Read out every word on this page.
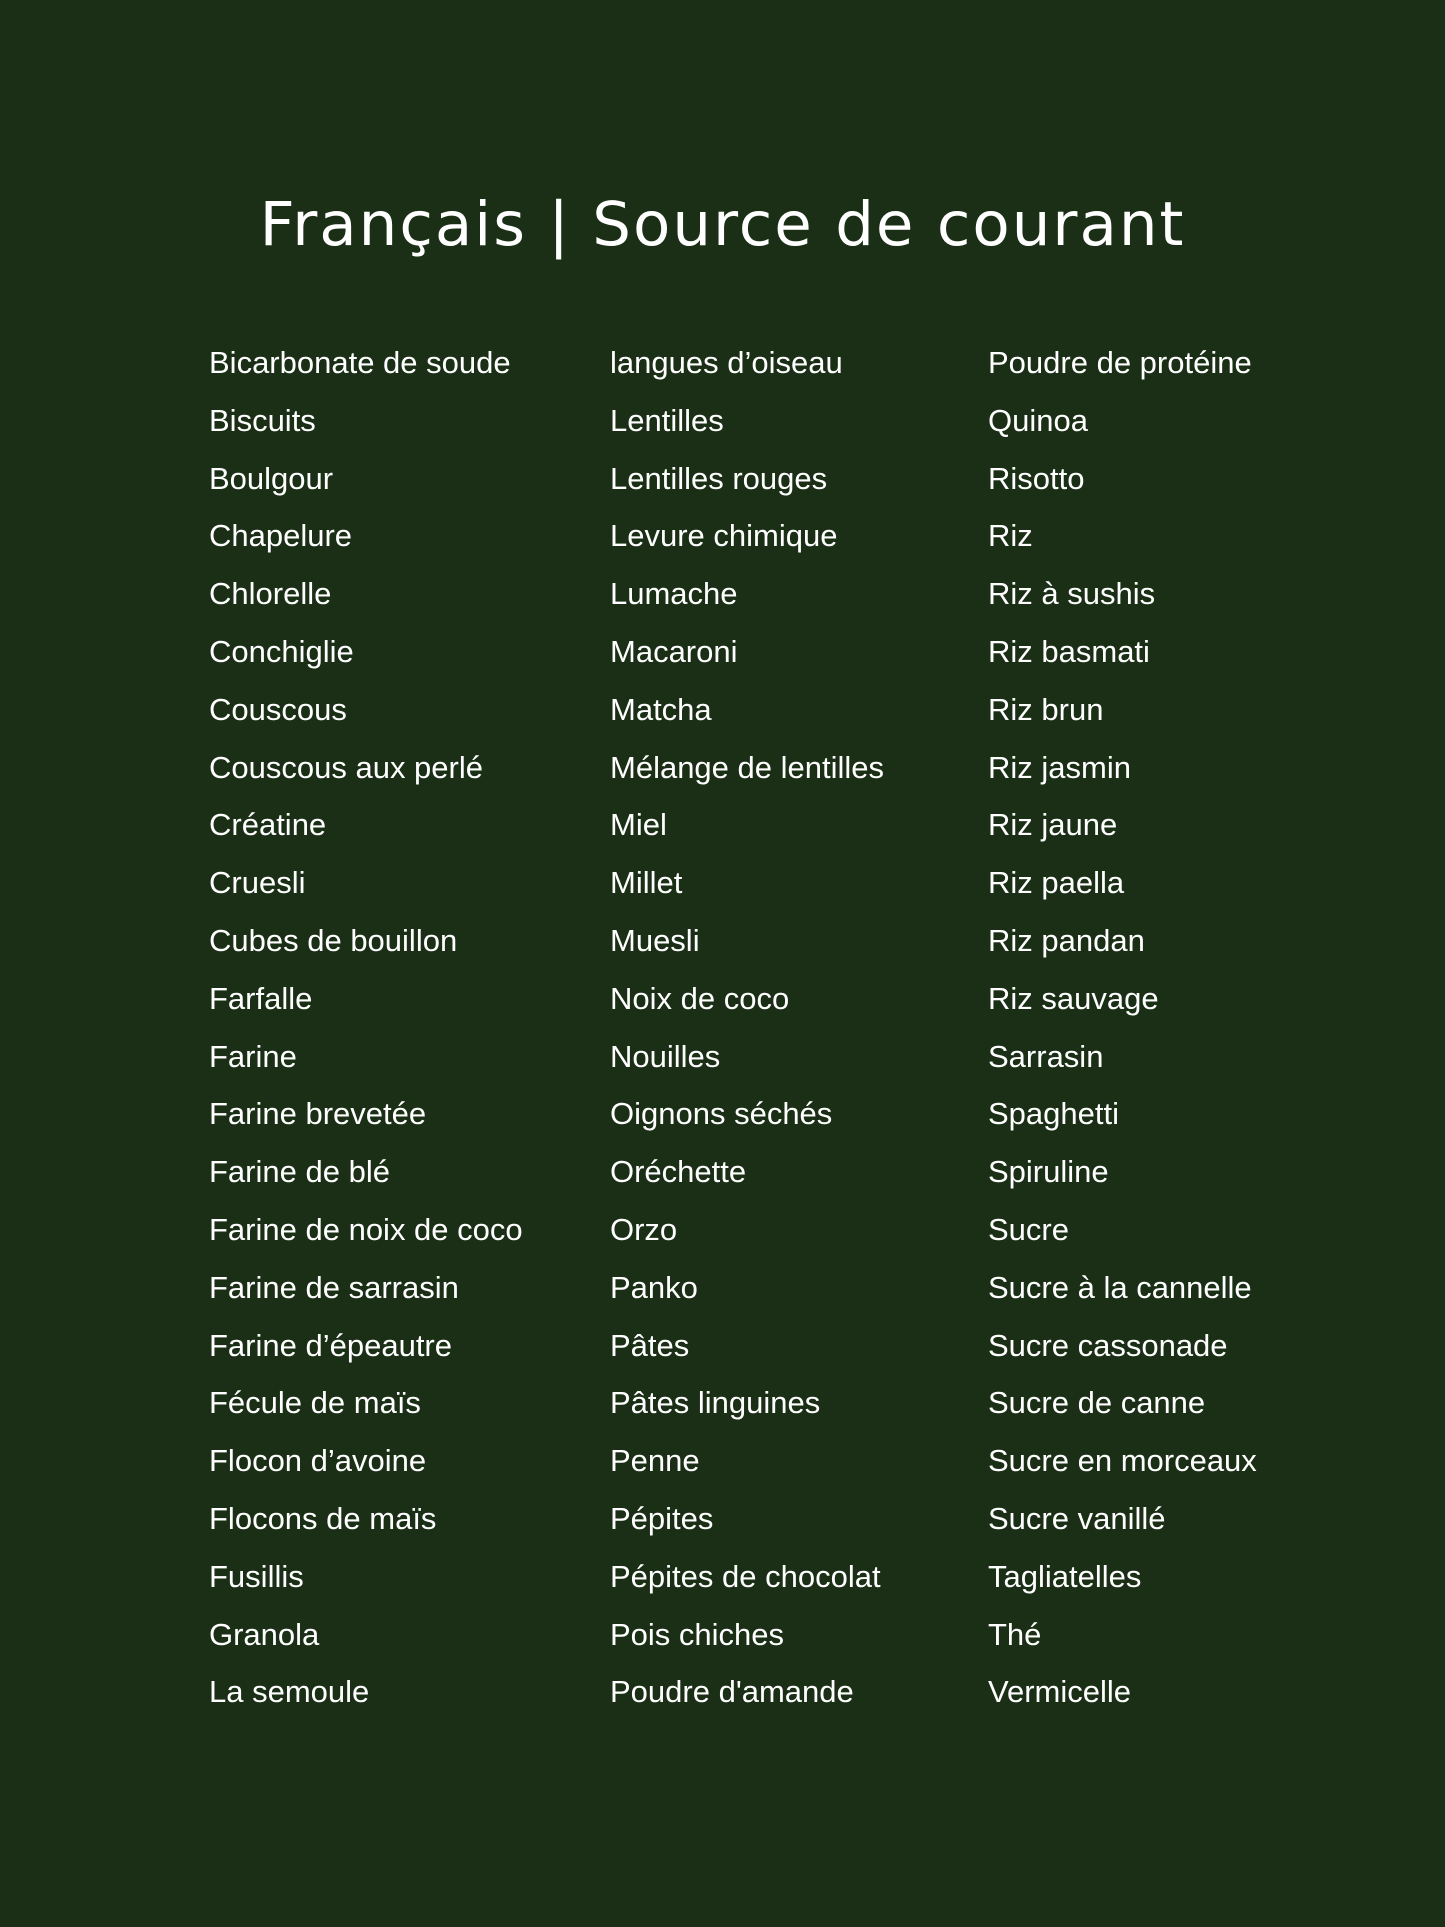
Français | Source de courant
Bicarbonate de soude
Biscuits
Boulgour
Chapelure
Chlorelle
Conchiglie
Couscous
Couscous aux perlé
Créatine
Cruesli
Cubes de bouillon
Farfalle
Farine
Farine brevetée
Farine de blé
Farine de noix de coco
Farine de sarrasin
Farine d’épeautre
Fécule de maïs
Flocon d’avoine
Flocons de maïs
Fusillis
Granola
La semoule
langues d’oiseau
Lentilles
Lentilles rouges
Levure chimique
Lumache
Macaroni
Matcha
Mélange de lentilles
Miel
Millet
Muesli
Noix de coco
Nouilles
Oignons séchés
Oréchette
Orzo
Panko
Pâtes
Pâtes linguines
Penne
Pépites
Pépites de chocolat
Pois chiches
Poudre d'amande
Poudre de protéine
Quinoa
Risotto
Riz
Riz à sushis
Riz basmati
Riz brun
Riz jasmin
Riz jaune
Riz paella
Riz pandan
Riz sauvage
Sarrasin
Spaghetti
Spiruline
Sucre
Sucre à la cannelle
Sucre cassonade
Sucre de canne
Sucre en morceaux
Sucre vanillé
Tagliatelles
Thé
Vermicelle
